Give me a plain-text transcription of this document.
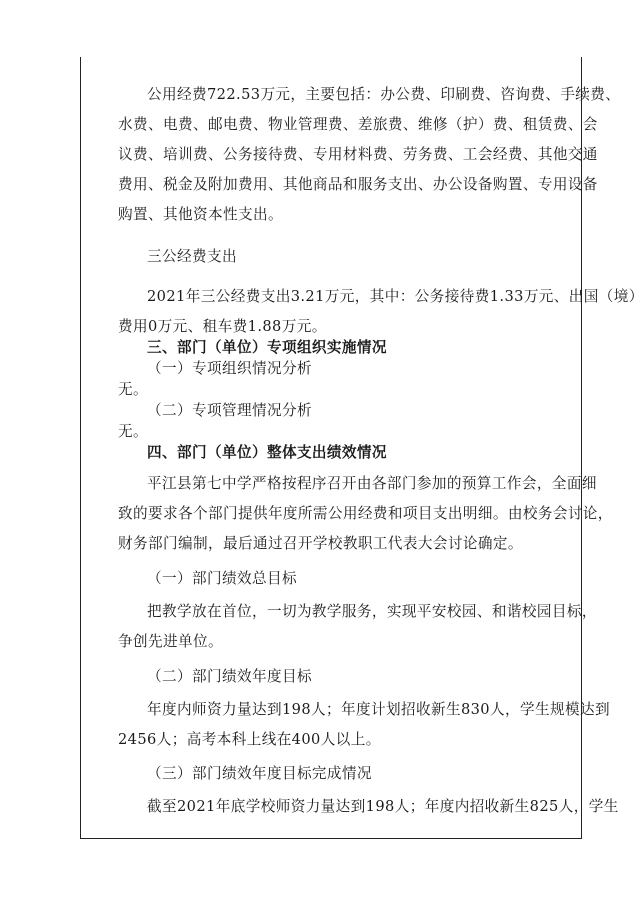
公用经费722.53万元，主要包括：办公费、印刷费、咨询费、手续费、
水费、电费、邮电费、物业管理费、差旅费、维修（护）费、租赁费、会
议费、培训费、公务接待费、专用材料费、劳务费、工会经费、其他交通
费用、税金及附加费用、其他商品和服务支出、办公设备购置、专用设备
购置、其他资本性支出。
三公经费支出
2021年三公经费支出3.21万元，其中：公务接待费1.33万元、出国（境）
费用0万元、租车费1.88万元。
三、部门（单位）专项组织实施情况
（一）专项组织情况分析
无。
（二）专项管理情况分析
无。
四、部门（单位）整体支出绩效情况
平江县第七中学严格按程序召开由各部门参加的预算工作会，全面细
致的要求各个部门提供年度所需公用经费和项目支出明细。由校务会讨论，
财务部门编制，最后通过召开学校教职工代表大会讨论确定。
（一）部门绩效总目标
把教学放在首位，一切为教学服务，实现平安校园、和谐校园目标，
争创先进单位。
（二）部门绩效年度目标
年度内师资力量达到198人；年度计划招收新生830人，学生规模达到
2456人；高考本科上线在400人以上。
（三）部门绩效年度目标完成情况
截至2021年底学校师资力量达到198人；年度内招收新生825人，学生
